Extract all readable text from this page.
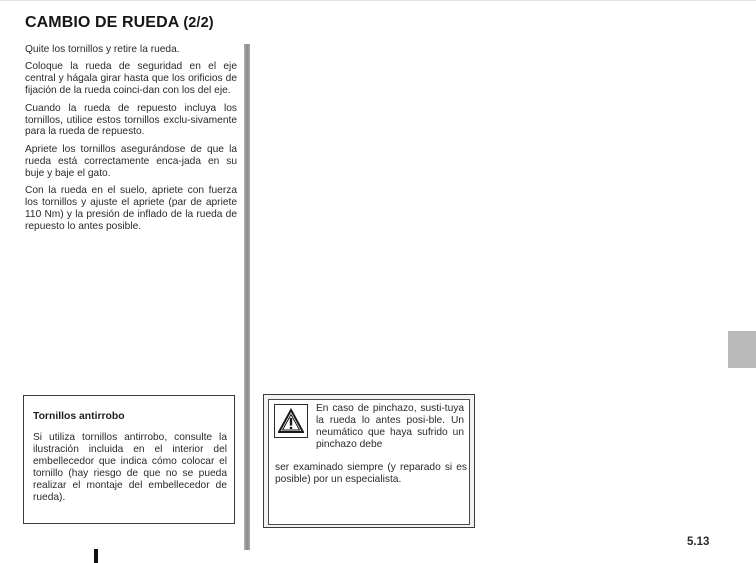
CAMBIO DE RUEDA (2/2)

Quite los tornillos y retire la rueda.

Coloque la rueda de seguridad en el eje central y hágala girar hasta que los orificios de fijación de la rueda coinci-dan con los del eje.

Cuando la rueda de repuesto incluya los tornillos, utilice estos tornillos exclu-sivamente para la rueda de repuesto.

Apriete los tornillos asegurándose de que la rueda está correctamente enca-jada en su buje y baje el gato.

Con la rueda en el suelo, apriete con fuerza los tornillos y ajuste el apriete (par de apriete 110 Nm) y la presión de inflado de la rueda de repuesto lo antes posible.

Tornillos antirrobo
Si utiliza tornillos antirrobo, consulte la ilustración incluida en el interior del embellecedor que indica cómo colocar el tornillo (hay riesgo de que no se pueda realizar el montaje del embellecedor de rueda).
En caso de pinchazo, susti-tuya la rueda lo antes posi-ble. Un neumático que haya sufrido un pinchazo debe
ser examinado siempre (y reparado si es posible) por un especialista.
5.13
